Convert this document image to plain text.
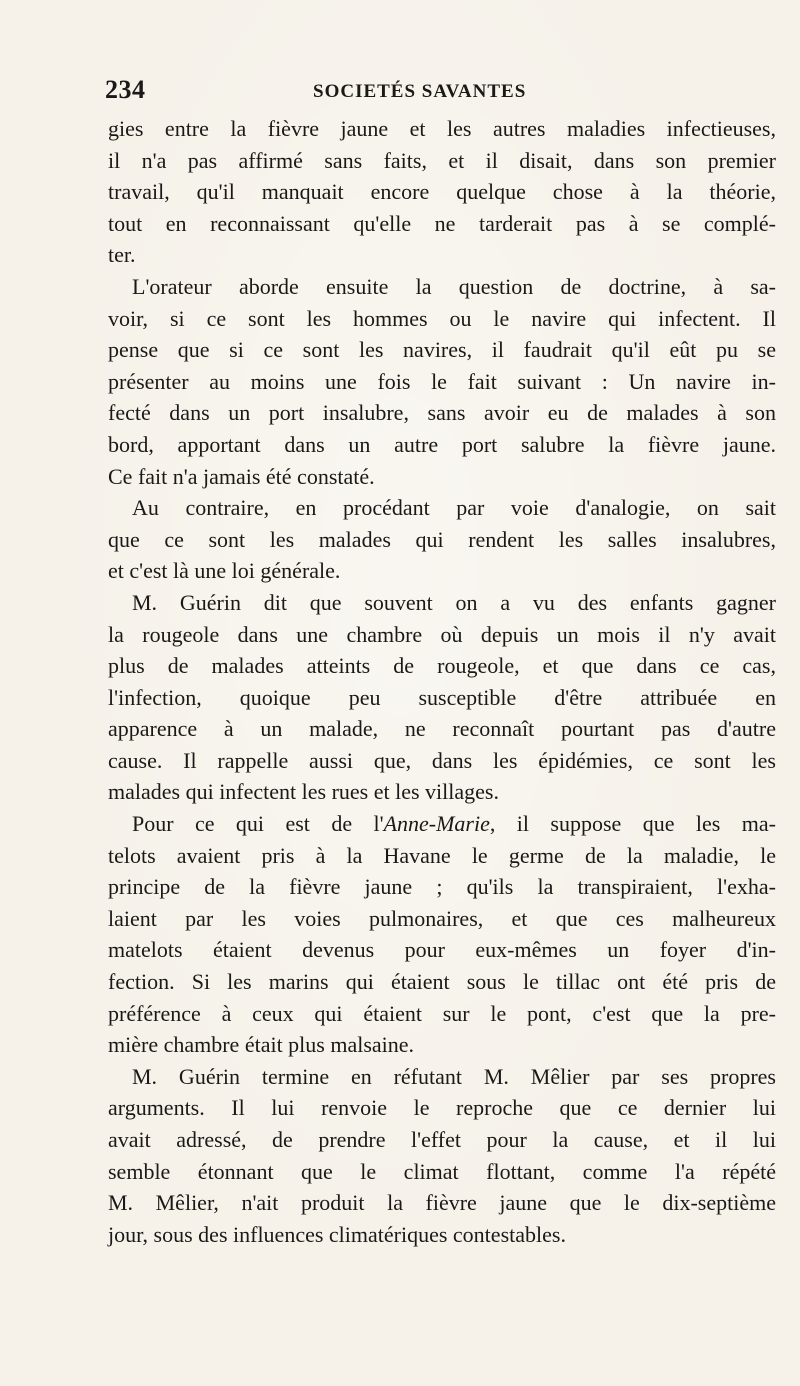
234	SOCIETÉS SAVANTES
gies entre la fièvre jaune et les autres maladies infectieuses,
il n'a pas affirmé sans faits, et il disait, dans son premier
travail, qu'il manquait encore quelque chose à la théorie,
tout en reconnaissant qu'elle ne tarderait pas à se complé-
ter.
L'orateur aborde ensuite la question de doctrine, à sa-
voir, si ce sont les hommes ou le navire qui infectent. Il
pense que si ce sont les navires, il faudrait qu'il eût pu se
présenter au moins une fois le fait suivant : Un navire in-
fecté dans un port insalubre, sans avoir eu de malades à son
bord, apportant dans un autre port salubre la fièvre jaune.
Ce fait n'a jamais été constaté.
Au contraire, en procédant par voie d'analogie, on sait
que ce sont les malades qui rendent les salles insalubres,
et c'est là une loi générale.
M. Guérin dit que souvent on a vu des enfants gagner
la rougeole dans une chambre où depuis un mois il n'y avait
plus de malades atteints de rougeole, et que dans ce cas,
l'infection, quoique peu susceptible d'être attribuée en
apparence à un malade, ne reconnaît pourtant pas d'autre
cause. Il rappelle aussi que, dans les épidémies, ce sont les
malades qui infectent les rues et les villages.
Pour ce qui est de l'Anne-Marie, il suppose que les ma-
telots avaient pris à la Havane le germe de la maladie, le
principe de la fièvre jaune ; qu'ils la transpiraient, l'exha-
laient par les voies pulmonaires, et que ces malheureux
matelots étaient devenus pour eux-mêmes un foyer d'in-
fection. Si les marins qui étaient sous le tillac ont été pris de
préférence à ceux qui étaient sur le pont, c'est que la pre-
mière chambre était plus malsaine.
M. Guérin termine en réfutant M. Mêlier par ses propres
arguments. Il lui renvoie le reproche que ce dernier lui
avait adressé, de prendre l'effet pour la cause, et il lui
semble étonnant que le climat flottant, comme l'a répété
M. Mêlier, n'ait produit la fièvre jaune que le dix-septième
jour, sous des influences climatériques contestables.
